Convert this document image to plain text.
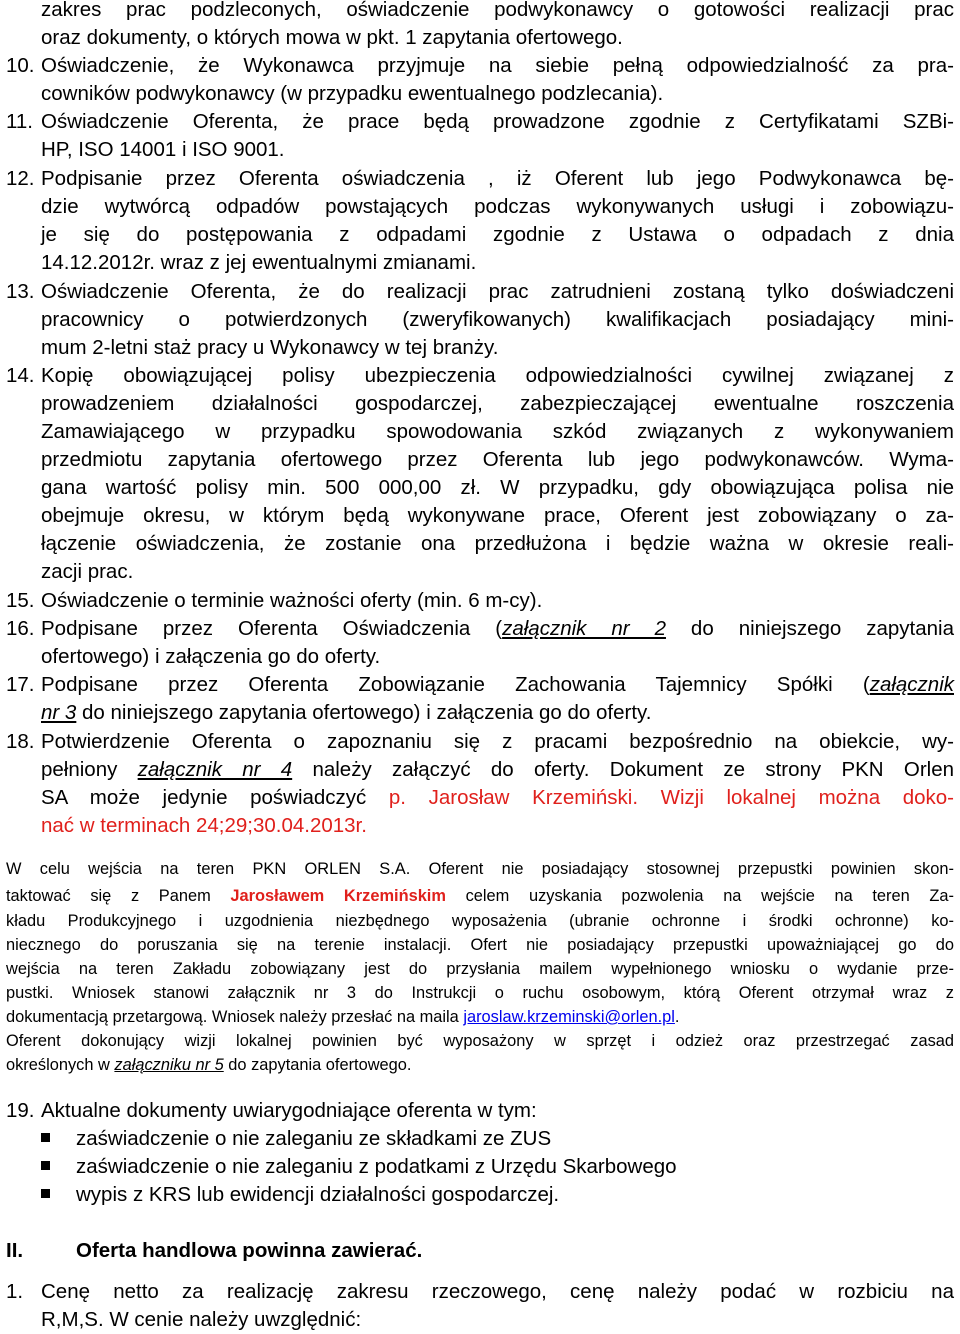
zakres prac podzleconych, oświadczenie podwykonawcy o gotowości realizacji prac
oraz dokumenty, o których mowa w pkt. 1 zapytania ofertowego.
10. Oświadczenie, że Wykonawca przyjmuje na siebie pełną odpowiedzialność za pra-
cowników podwykonawcy (w przypadku ewentualnego podzlecania).
11. Oświadczenie Oferenta, że prace będą prowadzone zgodnie z Certyfikatami SZBi-
HP, ISO 14001 i ISO 9001.
12. Podpisanie przez Oferenta oświadczenia , iż Oferent lub jego Podwykonawca bę-
dzie wytwórcą odpadów powstających podczas wykonywanych usługi i zobowiązu-
je się do postępowania z odpadami zgodnie z Ustawa o odpadach z dnia
14.12.2012r. wraz z jej ewentualnymi zmianami.
13. Oświadczenie Oferenta, że do realizacji prac zatrudnieni zostaną tylko doświadczeni
pracownicy o potwierdzonych (zweryfikowanych) kwalifikacjach posiadający mini-
mum 2-letni staż pracy u Wykonawcy w tej branży.
14. Kopię obowiązującej polisy ubezpieczenia odpowiedzialności cywilnej związanej z
prowadzeniem działalności gospodarczej, zabezpieczającej ewentualne roszczenia
Zamawiającego w przypadku spowodowania szkód związanych z wykonywaniem
przedmiotu zapytania ofertowego przez Oferenta lub jego podwykonawców. Wyma-
gana wartość polisy min. 500 000,00 zł. W przypadku, gdy obowiązująca polisa nie
obejmuje okresu, w którym będą wykonywane prace, Oferent jest zobowiązany o za-
łączenie oświadczenia, że zostanie ona przedłużona i będzie ważna w okresie reali-
zacji prac.
15. Oświadczenie o terminie ważności oferty (min. 6 m-cy).
16. Podpisane przez Oferenta Oświadczenia (załącznik nr 2 do niniejszego zapytania
ofertowego) i załączenia go do oferty.
17. Podpisane przez Oferenta Zobowiązanie Zachowania Tajemnicy Spółki (załącznik
nr 3 do niniejszego zapytania ofertowego) i załączenia go do oferty.
18. Potwierdzenie Oferenta o zapoznaniu się z pracami bezpośrednio na obiekcie, wy-
pełniony załącznik nr 4 należy załączyć do oferty. Dokument ze strony PKN Orlen
SA może jedynie poświadczyć p. Jarosław Krzemiński. Wizji lokalnej można doko-
nać w terminach 24;29;30.04.2013r.
W celu wejścia na teren PKN ORLEN S.A. Oferent nie posiadający stosownej przepustki powinien skon-
taktować się z Panem Jarosławem Krzemińskim celem uzyskania pozwolenia na wejście na teren Za-
kładu Produkcyjnego i uzgodnienia niezbędnego wyposażenia (ubranie ochronne i środki ochronne) ko-
niecznego do poruszania się na terenie instalacji. Ofert nie posiadający przepustki upoważniającej go do
wejścia na teren Zakładu zobowiązany jest do przysłania mailem wypełnionego wniosku o wydanie prze-
pustki. Wniosek stanowi załącznik nr 3 do Instrukcji o ruchu osobowym, którą Oferent otrzymał wraz z
dokumentacją przetargową. Wniosek należy przesłać na maila jaroslaw.krzeminski@orlen.pl.
Oferent dokonujący wizji lokalnej powinien być wyposażony w sprzęt i odzież oraz przestrzegać zasad
określonych w załączniku nr 5 do zapytania ofertowego.
19. Aktualne dokumenty uwiarygodniające oferenta w tym:
zaświadczenie o nie zaleganiu ze składkami ze ZUS
zaświadczenie o nie zaleganiu z podatkami z Urzędu Skarbowego
wypis z KRS lub ewidencji działalności gospodarczej.
II.	Oferta handlowa powinna zawierać.
1. Cenę netto za realizację zakresu rzeczowego, cenę należy podać w rozbiciu na
R,M,S. W cenie należy uwzględnić:
